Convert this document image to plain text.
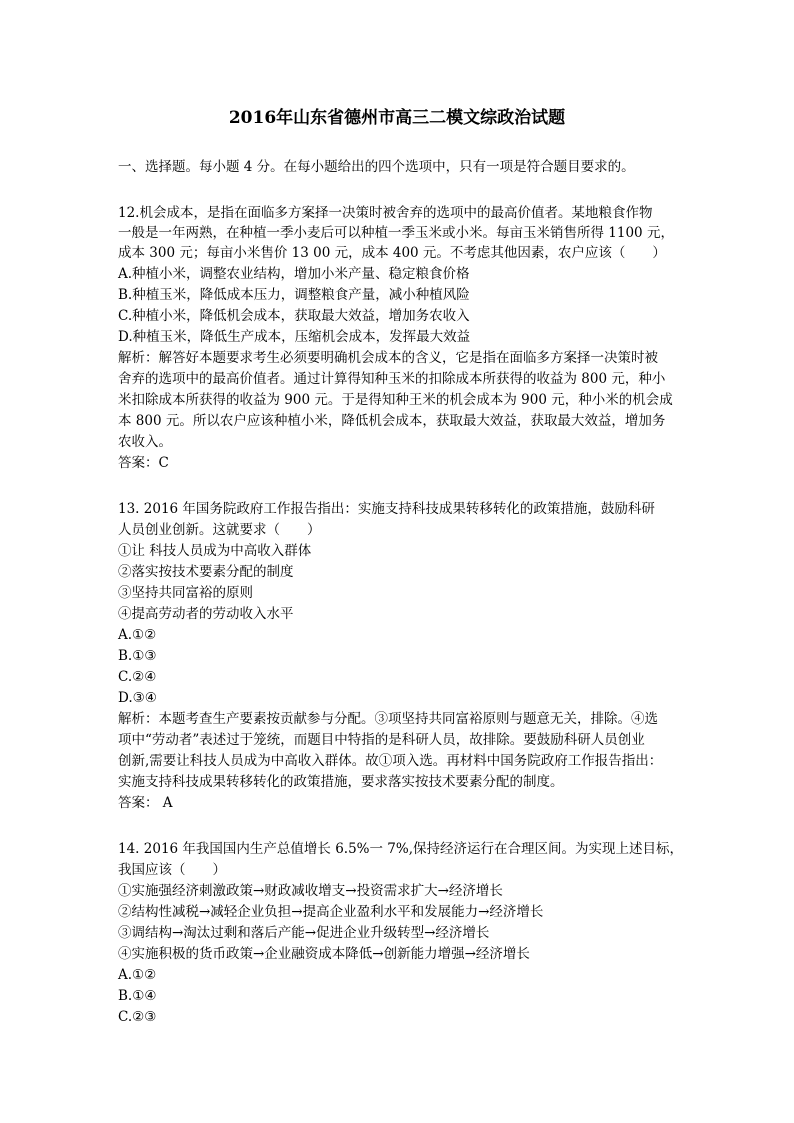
2016年山东省德州市高三二模文综政治试题
一、选择题。每小题 4 分。在每小题给出的四个选项中，只有一项是符合题目要求的。
12.机会成本，是指在面临多方案择一决策时被舍弃的选项中的最高价值者。某地粮食作物
一般是一年两熟，在种植一季小麦后可以种植一季玉米或小米。每亩玉米销售所得 1100 元，
成本 300 元；每亩小米售价 13 00 元，成本 400 元。不考虑其他因素，农户应该（　　）
A.种植小米，调整农业结构，增加小米产量、稳定粮食价格
B.种植玉米，降低成本压力，调整粮食产量，减小种植风险
C.种植小米，降低机会成本，获取最大效益，增加务农收入
D.种植玉米，降低生产成本，压缩机会成本，发挥最大效益
解析：解答好本题要求考生必须要明确机会成本的含义，它是指在面临多方案择一决策时被
舍弃的选项中的最高价值者。通过计算得知种玉米的扣除成本所获得的收益为 800 元，种小
米扣除成本所获得的收益为 900 元。于是得知种王米的机会成本为 900 元，种小米的机会成
本 800 元。所以农户应该种植小米，降低机会成本，获取最大效益，获取最大效益，增加务
农收入。
答案：C
13. 2016 年国务院政府工作报告指出：实施支持科技成果转移转化的政策措施，鼓励科研
人员创业创新。这就要求（　　）
①让 科技人员成为中高收入群体
②落实按技术要素分配的制度
③坚持共同富裕的原则
④提高劳动者的劳动收入水平
A.①②
B.①③
C.②④
D.③④
解析：本题考查生产要素按贡献参与分配。③项坚持共同富裕原则与题意无关，排除。④选
项中“劳动者”表述过于笼统，而题目中特指的是科研人员，故排除。要鼓励科研人员创业
创新,需要让科技人员成为中高收入群体。故①项入选。再材料中国务院政府工作报告指出：
实施支持科技成果转移转化的政策措施，要求落实按技术要素分配的制度。
答案： A
14. 2016 年我国国内生产总值增长 6.5%一 7%,保持经济运行在合理区间。为实现上述目标，
我国应该（　　）
①实施强经济刺激政策→财政减收增支→投资需求扩大→经济增长
②结构性减税→减轻企业负担→提高企业盈利水平和发展能力→经济增长
③调结构→淘汰过剩和落后产能→促进企业升级转型→经济增长
④实施积极的货币政策→企业融资成本降低→创新能力增强→经济增长
A.①②
B.①④
C.②③
